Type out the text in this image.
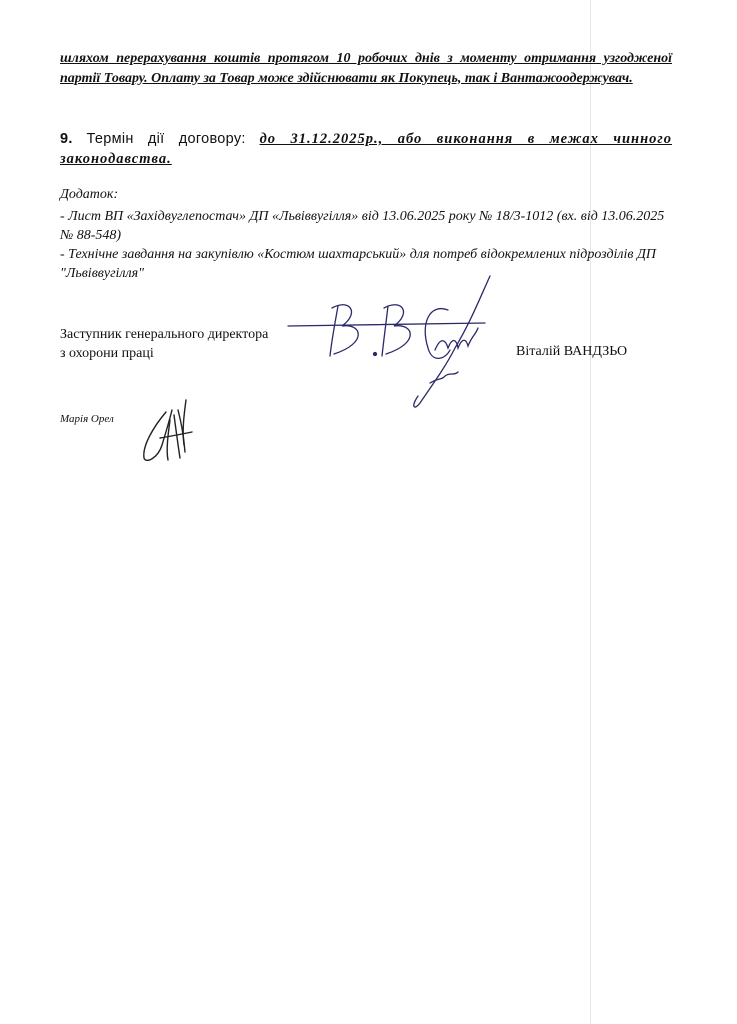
шляхом перерахування коштів протягом 10 робочих днів з моменту отримання узгодженої партії Товару. Оплату за Товар може здійснювати як Покупець, так і Вантажоодержувач.
9. Термін дії договору: до 31.12.2025р., або виконання в межах чинного законодавства.
Додаток:

- Лист ВП «Західвуглепостач» ДП «Львіввугілля» від 13.06.2025 року № 18/3-1012 (вх. від 13.06.2025 № 88-548)

- Технічне завдання на закупівлю «Костюм шахтарський» для потреб відокремлених підрозділів ДП "Львіввугілля"

Заступник генерального директора
з охорони праці	Віталій ВАНДЗЬО
Марія Орел
